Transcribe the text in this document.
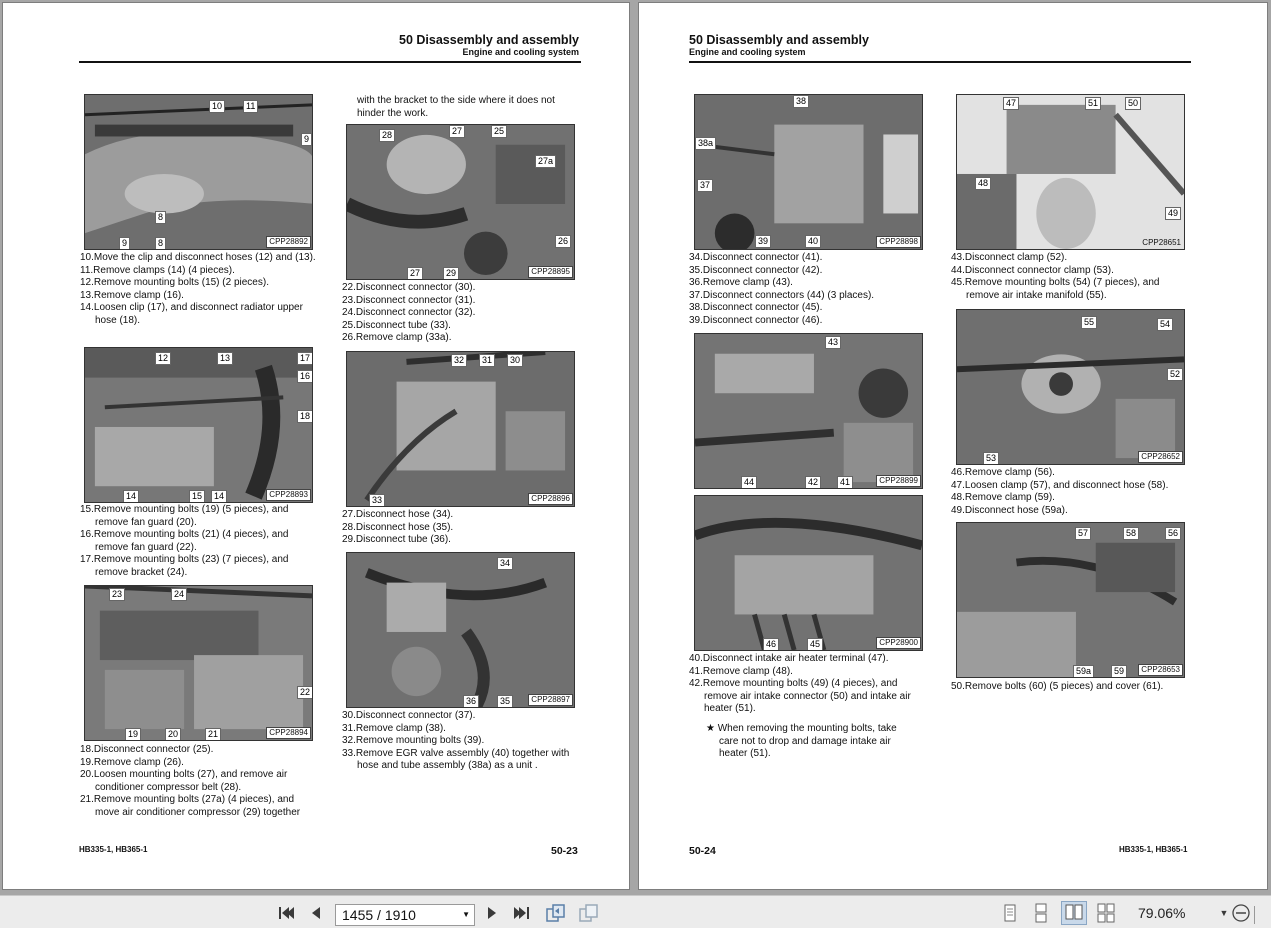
50 Disassembly and assembly
Engine and cooling system
10	11
9
8
9	8	CPP28892
10.Move the clip and disconnect hoses (12) and (13).
11.Remove clamps (14) (4 pieces).
12.Remove mounting bolts (15) (2 pieces).
13.Remove clamp (16).
14.Loosen clip (17), and disconnect radiator upper hose (18).
12	13	17
16
18
14	15	14	CPP28893
15.Remove mounting bolts (19) (5 pieces), and remove fan guard (20).
16.Remove mounting bolts (21) (4 pieces), and remove fan guard (22).
17.Remove mounting bolts (23) (7 pieces), and remove bracket (24).
23	24
22
19	20	21	CPP28894
18.Disconnect connector (25).
19.Remove clamp (26).
20.Loosen mounting bolts (27), and remove air conditioner compressor belt (28).
21.Remove mounting bolts (27a) (4 pieces), and move air conditioner compressor (29) together
with the bracket to the side where it does not hinder the work.
28	27	25
27a
26
27	29	CPP28895
22.Disconnect connector (30).
23.Disconnect connector (31).
24.Disconnect connector (32).
25.Disconnect tube (33).
26.Remove clamp (33a).
32	31	30
33	CPP28896
27.Disconnect hose (34).
28.Disconnect hose (35).
29.Disconnect tube (36).
34
36	35	CPP28897
30.Disconnect connector (37).
31.Remove clamp (38).
32.Remove mounting bolts (39).
33.Remove EGR valve assembly (40) together with hose and tube assembly (38a) as a unit .
HB335-1, HB365-1	50-23
50 Disassembly and assembly
Engine and cooling system
38
38a
37
39	40	CPP28898
34.Disconnect connector (41).
35.Disconnect connector (42).
36.Remove clamp (43).
37.Disconnect connectors (44) (3 places).
38.Disconnect connector (45).
39.Disconnect connector (46).
43
44	42	41	CPP28899
46	45	CPP28900
40.Disconnect intake air heater terminal (47).
41.Remove clamp (48).
42.Remove mounting bolts (49) (4 pieces), and remove air intake connector (50) and intake air heater (51).
★ When removing the mounting bolts, take care not to drop and damage intake air heater (51).
47	51	50
48
49
CPP28651
43.Disconnect clamp (52).
44.Disconnect connector clamp (53).
45.Remove mounting bolts (54) (7 pieces), and remove air intake manifold (55).
55	54
52
53	CPP28652
46.Remove clamp (56).
47.Loosen clamp (57), and disconnect hose (58).
48.Remove clamp (59).
49.Disconnect hose (59a).
57	58	56
59a	59	CPP28653
50.Remove bolts (60) (5 pieces) and cover (61).
50-24	HB335-1, HB365-1
1455 / 1910	▼	79.06%	▼
